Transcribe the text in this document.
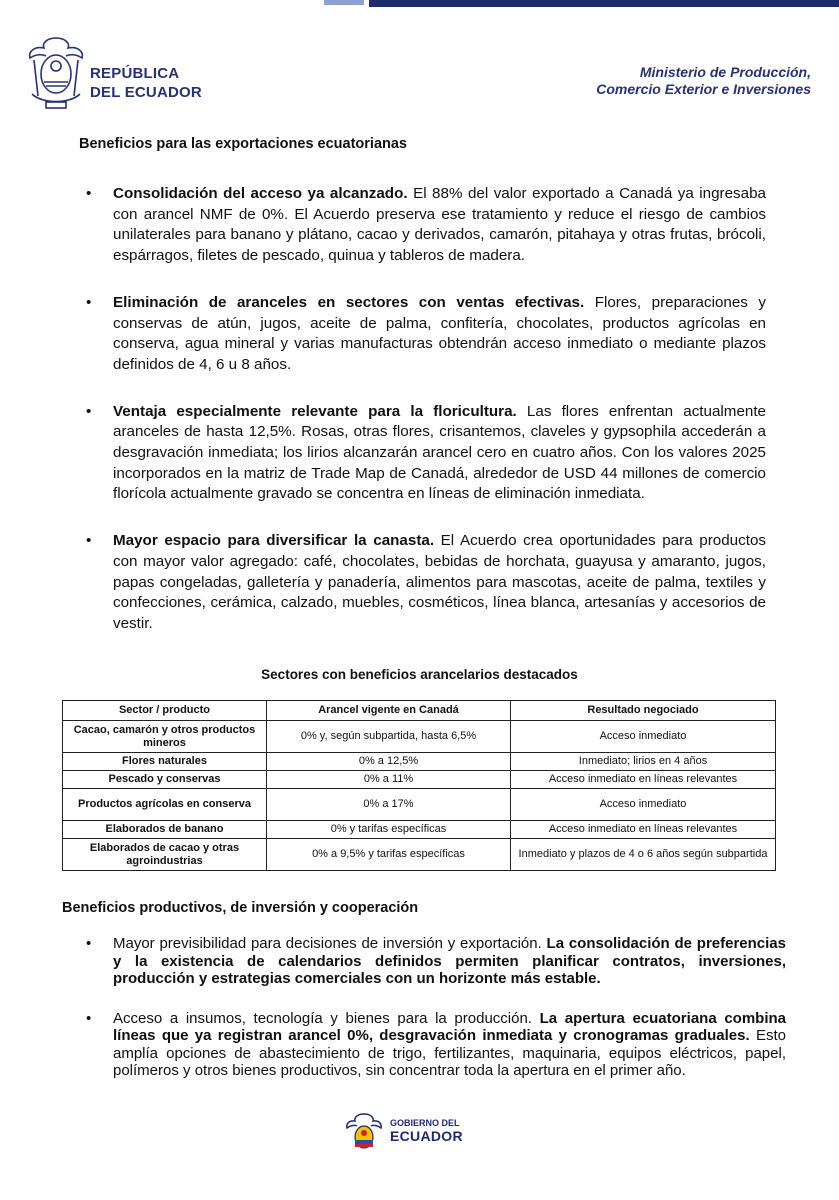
REPÚBLICA
DEL ECUADOR
Ministerio de Producción,
Comercio Exterior e Inversiones
Beneficios para las exportaciones ecuatorianas
• Consolidación del acceso ya alcanzado. El 88% del valor exportado a Canadá ya ingresaba con arancel NMF de 0%. El Acuerdo preserva ese tratamiento y reduce el riesgo de cambios unilaterales para banano y plátano, cacao y derivados, camarón, pitahaya y otras frutas, brócoli, espárragos, filetes de pescado, quinua y tableros de madera.
• Eliminación de aranceles en sectores con ventas efectivas. Flores, preparaciones y conservas de atún, jugos, aceite de palma, confitería, chocolates, productos agrícolas en conserva, agua mineral y varias manufacturas obtendrán acceso inmediato o mediante plazos definidos de 4, 6 u 8 años.
• Ventaja especialmente relevante para la floricultura. Las flores enfrentan actualmente aranceles de hasta 12,5%. Rosas, otras flores, crisantemos, claveles y gypsophila accederán a desgravación inmediata; los lirios alcanzarán arancel cero en cuatro años. Con los valores 2025 incorporados en la matriz de Trade Map de Canadá, alrededor de USD 44 millones de comercio florícola actualmente gravado se concentra en líneas de eliminación inmediata.
• Mayor espacio para diversificar la canasta. El Acuerdo crea oportunidades para productos con mayor valor agregado: café, chocolates, bebidas de horchata, guayusa y amaranto, jugos, papas congeladas, galletería y panadería, alimentos para mascotas, aceite de palma, textiles y confecciones, cerámica, calzado, muebles, cosméticos, línea blanca, artesanías y accesorios de vestir.
Sectores con beneficios arancelarios destacados
Sector / producto	Arancel vigente en Canadá	Resultado negociado
Cacao, camarón y otros productos mineros	0% y, según subpartida, hasta 6,5%	Acceso inmediato
Flores naturales	0% a 12,5%	Inmediato; lirios en 4 años
Pescado y conservas	0% a 11%	Acceso inmediato en líneas relevantes
Productos agrícolas en conserva	0% a 17%	Acceso inmediato
Elaborados de banano	0% y tarifas específicas	Acceso inmediato en líneas relevantes
Elaborados de cacao y otras agroindustrias	0% a 9,5% y tarifas específicas	Inmediato y plazos de 4 o 6 años según subpartida
Beneficios productivos, de inversión y cooperación
• Mayor previsibilidad para decisiones de inversión y exportación. La consolidación de preferencias y la existencia de calendarios definidos permiten planificar contratos, inversiones, producción y estrategias comerciales con un horizonte más estable.
• Acceso a insumos, tecnología y bienes para la producción. La apertura ecuatoriana combina líneas que ya registran arancel 0%, desgravación inmediata y cronogramas graduales. Esto amplía opciones de abastecimiento de trigo, fertilizantes, maquinaria, equipos eléctricos, papel, polímeros y otros bienes productivos, sin concentrar toda la apertura en el primer año.
GOBIERNO DEL
ECUADOR
